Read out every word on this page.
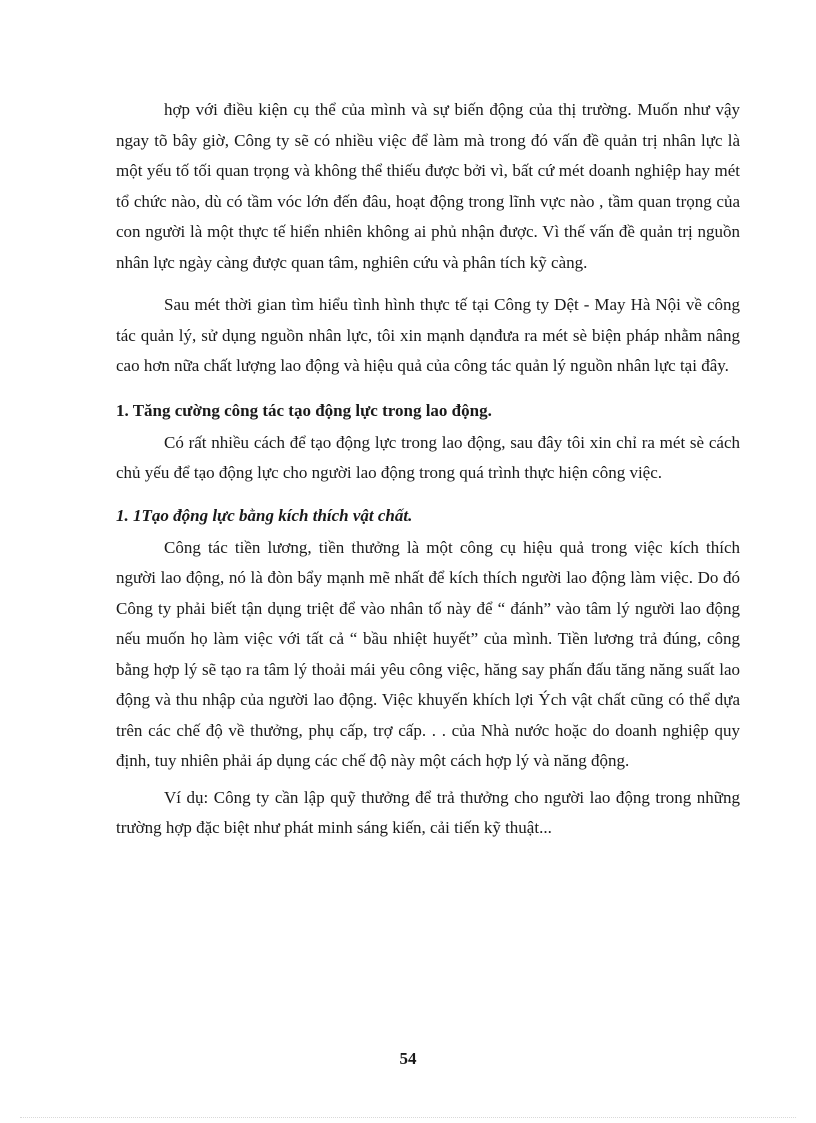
hợp với điều kiện cụ thể của mình và sự biến động của thị trường. Muốn như vậy ngay tõ bây giờ, Công ty sẽ có nhiều việc để làm mà trong đó vấn đề quản trị nhân lực là một yếu tố tối quan trọng và không thể thiếu được bởi vì, bất cứ mét doanh nghiệp hay mét tổ chức nào, dù có tầm vóc lớn đến đâu, hoạt động trong lĩnh vực nào , tầm quan trọng của con người là một thực tế hiển nhiên không ai phủ nhận được. Vì thế vấn đề quản trị nguồn nhân lực ngày càng được quan tâm, nghiên cứu và phân tích kỹ càng.

Sau mét thời gian tìm hiểu tình hình thực tế tại Công ty Dệt - May Hà Nội về công tác quản lý, sử dụng nguồn nhân lực, tôi xin mạnh dạnđưa ra mét sè biện pháp nhằm nâng cao hơn nữa chất lượng lao động và hiệu quả của công tác quản lý nguồn nhân lực tại đây.

1. Tăng cường công tác tạo động lực trong lao động.

Có rất nhiều cách để tạo động lực trong lao động, sau đây tôi xin chỉ ra mét sè cách chủ yếu để tạo động lực cho người lao động trong quá trình thực hiện công việc.

1. 1Tạo động lực bằng kích thích vật chất.

Công tác tiền lương, tiền thưởng là một công cụ hiệu quả trong việc kích thích người lao động, nó là đòn bẩy mạnh mẽ nhất để kích thích người lao động làm việc. Do đó Công ty phải biết tận dụng triệt để vào nhân tố này để “ đánh” vào tâm lý người lao động nếu muốn họ làm việc với tất cả “ bầu nhiệt huyết” của mình. Tiền lương trả đúng, công bằng hợp lý sẽ tạo ra tâm lý thoải mái yêu công việc, hăng say phấn đấu tăng năng suất lao động và thu nhập của người lao động. Việc khuyến khích lợi Ých vật chất cũng có thể dựa trên các chế độ về thưởng, phụ cấp, trợ cấp. . . của Nhà nước hoặc do doanh nghiệp quy định, tuy nhiên phải áp dụng các chế độ này một cách hợp lý và năng động.

Ví dụ: Công ty cần lập quỹ thưởng để trả thưởng cho người lao động trong những trường hợp đặc biệt như phát minh sáng kiến, cải tiến kỹ thuật...

54
